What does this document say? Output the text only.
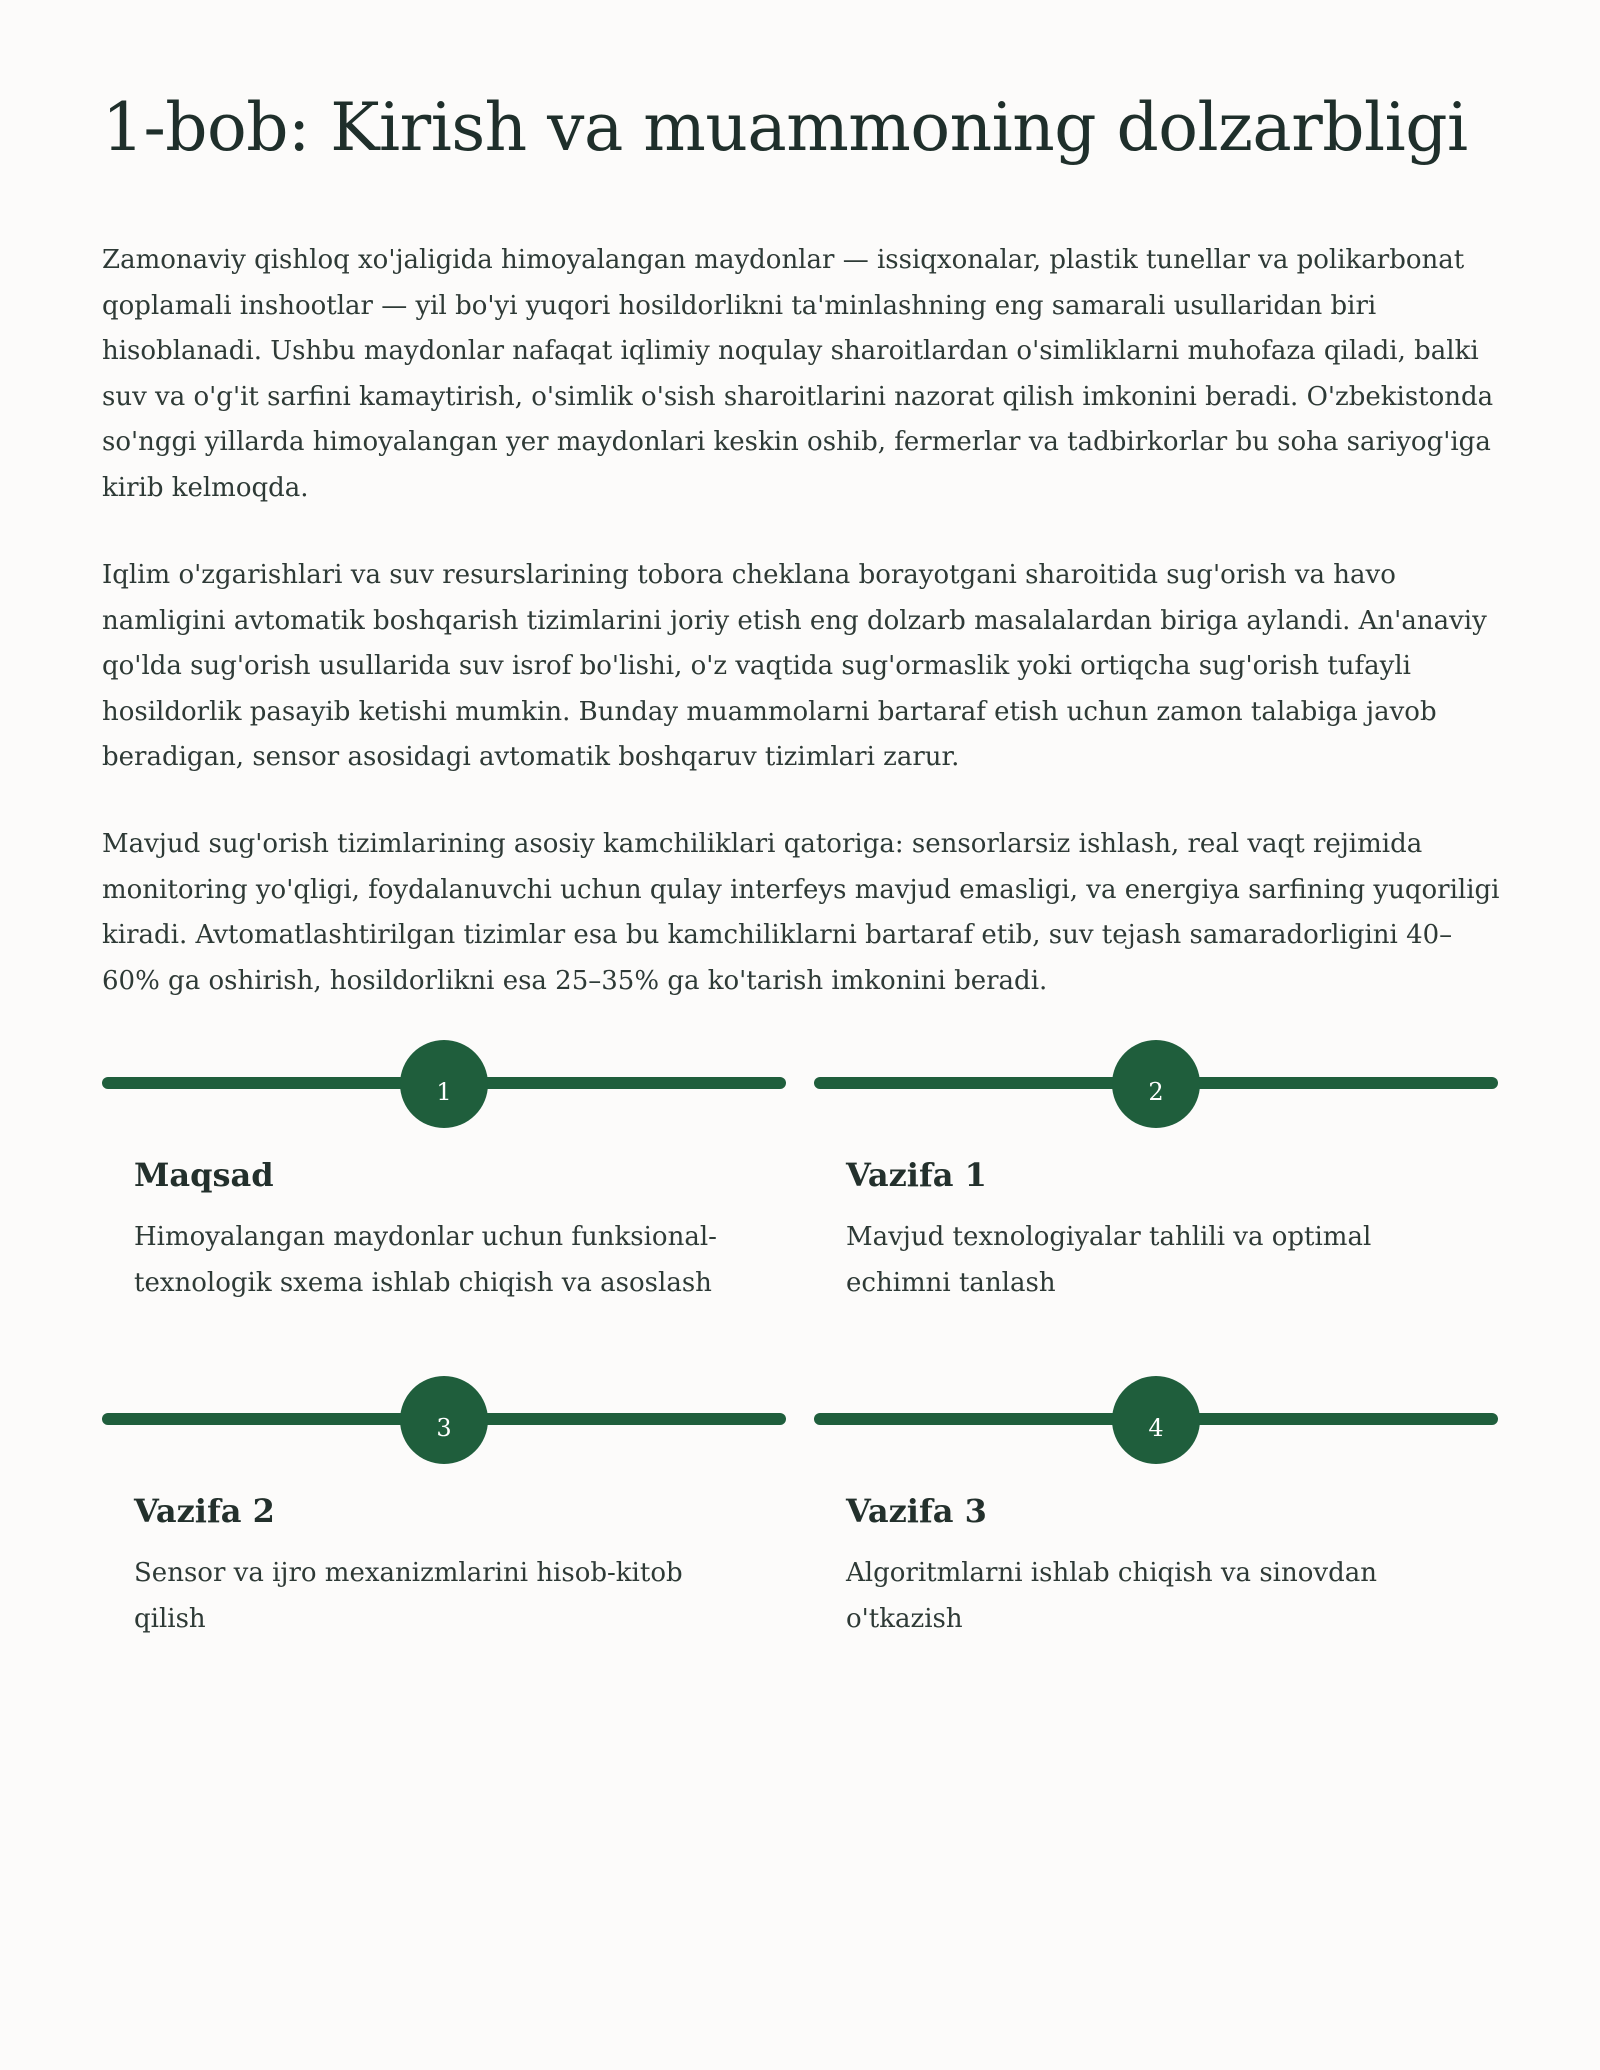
1-bob: Kirish va muammoning dolzarbligi

Zamonaviy qishloq xo'jaligida himoyalangan maydonlar — issiqxonalar, plastik tunellar va polikarbonat qoplamali inshootlar — yil bo'yi yuqori hosildorlikni ta'minlashning eng samarali usullaridan biri hisoblanadi. Ushbu maydonlar nafaqat iqlimiy noqulay sharoitlardan o'simliklarni muhofaza qiladi, balki suv va o'g'it sarfini kamaytirish, o'simlik o'sish sharoitlarini nazorat qilish imkonini beradi. O'zbekistonda so'nggi yillarda himoyalangan yer maydonlari keskin oshib, fermerlar va tadbirkorlar bu soha sariyog'iga kirib kelmoqda.

Iqlim o'zgarishlari va suv resurslarining tobora cheklana borayotgani sharoitida sug'orish va havo namligini avtomatik boshqarish tizimlarini joriy etish eng dolzarb masalalardan biriga aylandi. An'anaviy qo'lda sug'orish usullarida suv isrof bo'lishi, o'z vaqtida sug'ormaslik yoki ortiqcha sug'orish tufayli hosildorlik pasayib ketishi mumkin. Bunday muammolarni bartaraf etish uchun zamon talabiga javob beradigan, sensor asosidagi avtomatik boshqaruv tizimlari zarur.

Mavjud sug'orish tizimlarining asosiy kamchiliklari qatoriga: sensorlarsiz ishlash, real vaqt rejimida monitoring yo'qligi, foydalanuvchi uchun qulay interfeys mavjud emasligi, va energiya sarfining yuqoriligi kiradi. Avtomatlashtirilgan tizimlar esa bu kamchiliklarni bartaraf etib, suv tejash samaradorligini 40–60% ga oshirish, hosildorlikni esa 25–35% ga ko'tarish imkonini beradi.

1
Maqsad

Himoyalangan maydonlar uchun funksional-texnologik sxema ishlab chiqish va asoslash

2
Vazifa 1

Mavjud texnologiyalar tahlili va optimal echimni tanlash

3
Vazifa 2

Sensor va ijro mexanizmlarini hisob-kitob qilish

4
Vazifa 3

Algoritmlarni ishlab chiqish va sinovdan o'tkazish
